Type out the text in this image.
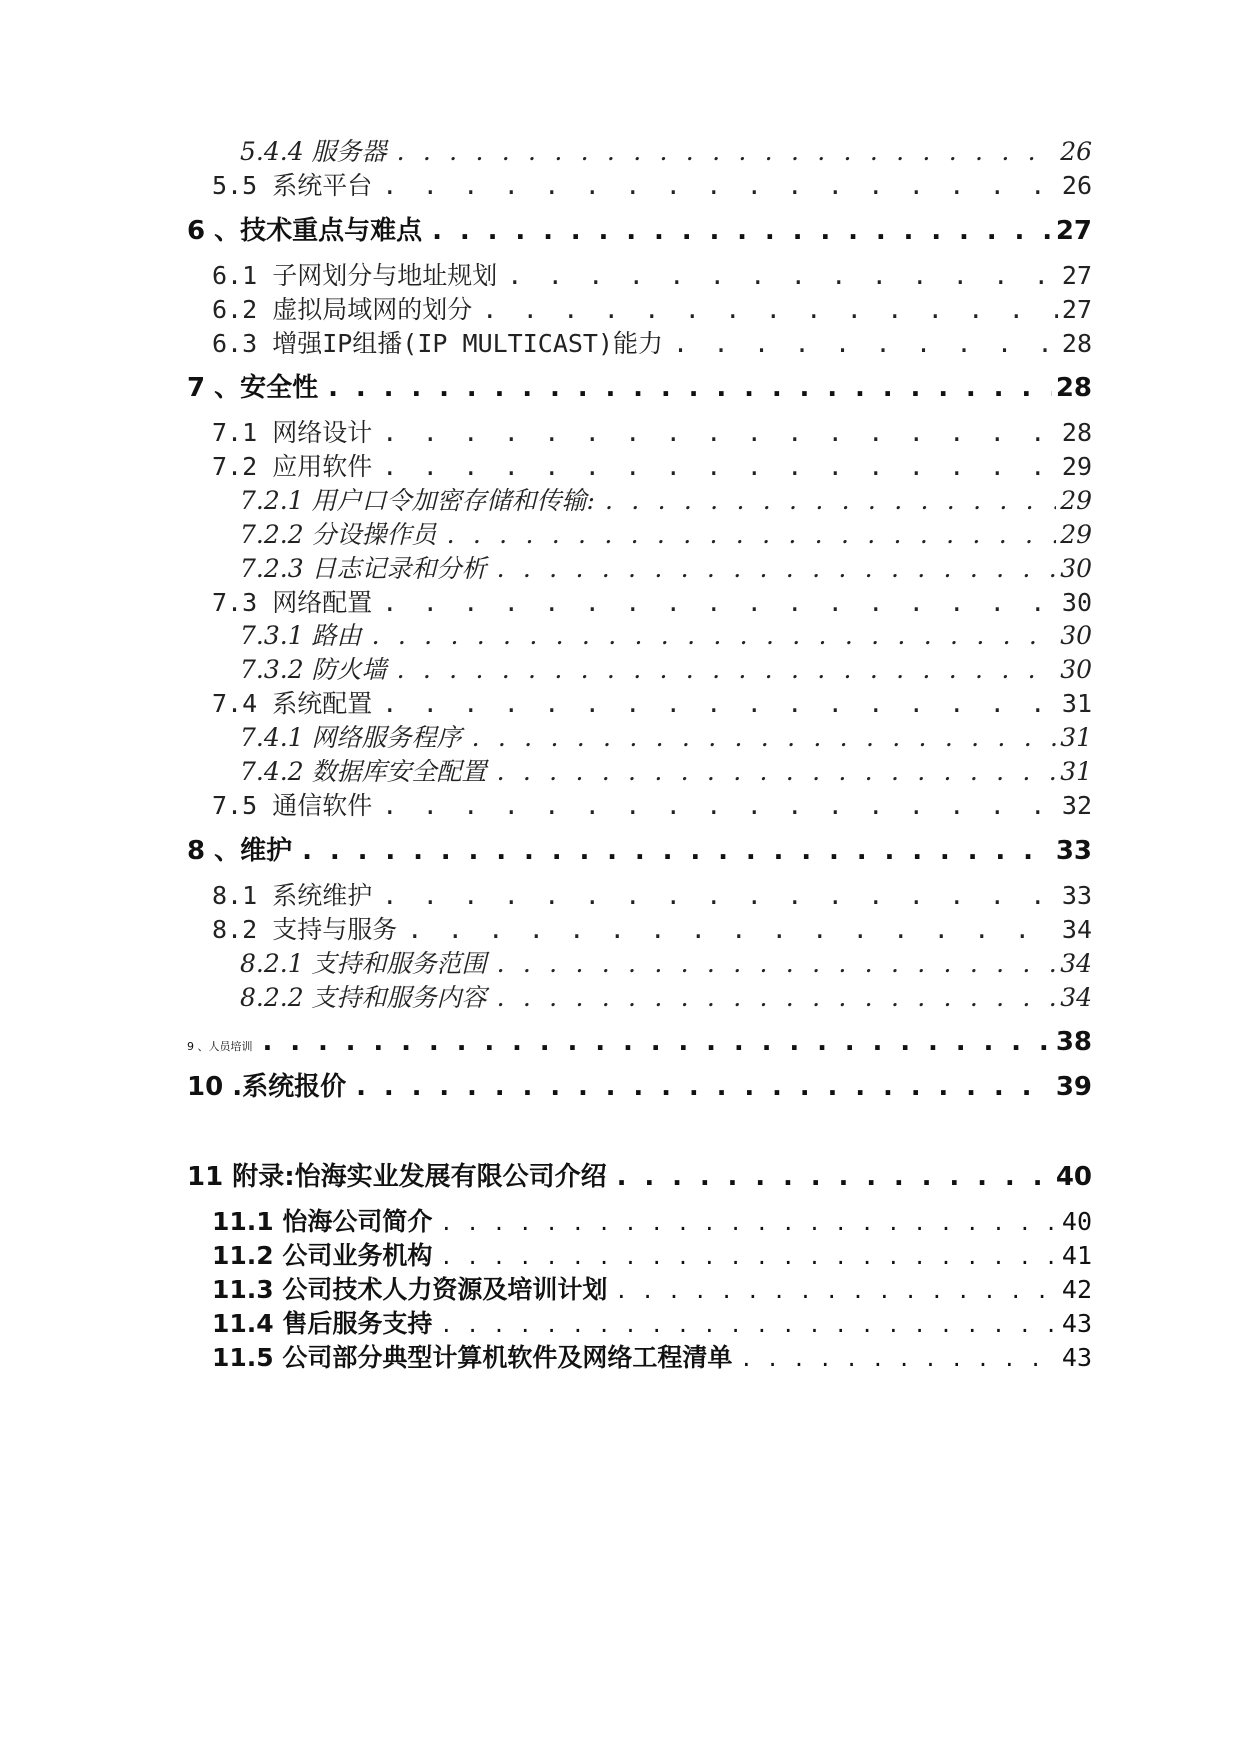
5.4.4 服务器 . . .	26
5.5 系统平台 . . .	26
6 、技术重点与难点 . . .	27
6.1 子网划分与地址规划 . . .	27
6.2 虚拟局域网的划分 . . .	27
6.3 增强IP组播(IP MULTICAST)能力 . . .	28
7 、安全性 . . .	28
7.1 网络设计 . . .	28
7.2 应用软件 . . .	29
7.2.1 用户口令加密存储和传输: . . .	29
7.2.2 分设操作员 . . .	29
7.2.3 日志记录和分析 . . .	30
7.3 网络配置 . . .	30
7.3.1 路由 . . .	30
7.3.2 防火墙 . . .	30
7.4 系统配置 . . .	31
7.4.1 网络服务程序 . . .	31
7.4.2 数据库安全配置 . . .	31
7.5 通信软件 . . .	32
8 、维护 . . .	33
8.1 系统维护 . . .	33
8.2 支持与服务 . . .	34
8.2.1 支持和服务范围 . . .	34
8.2.2 支持和服务内容 . . .	34
9 、人员培训 . . .	38
10 .系统报价 . . .	39
11 附录:怡海实业发展有限公司介绍 . . .	40
11.1 怡海公司简介 . . .	40
11.2 公司业务机构 . . .	41
11.3 公司技术人力资源及培训计划 . . .	42
11.4 售后服务支持 . . .	43
11.5 公司部分典型计算机软件及网络工程清单 . . .	43
